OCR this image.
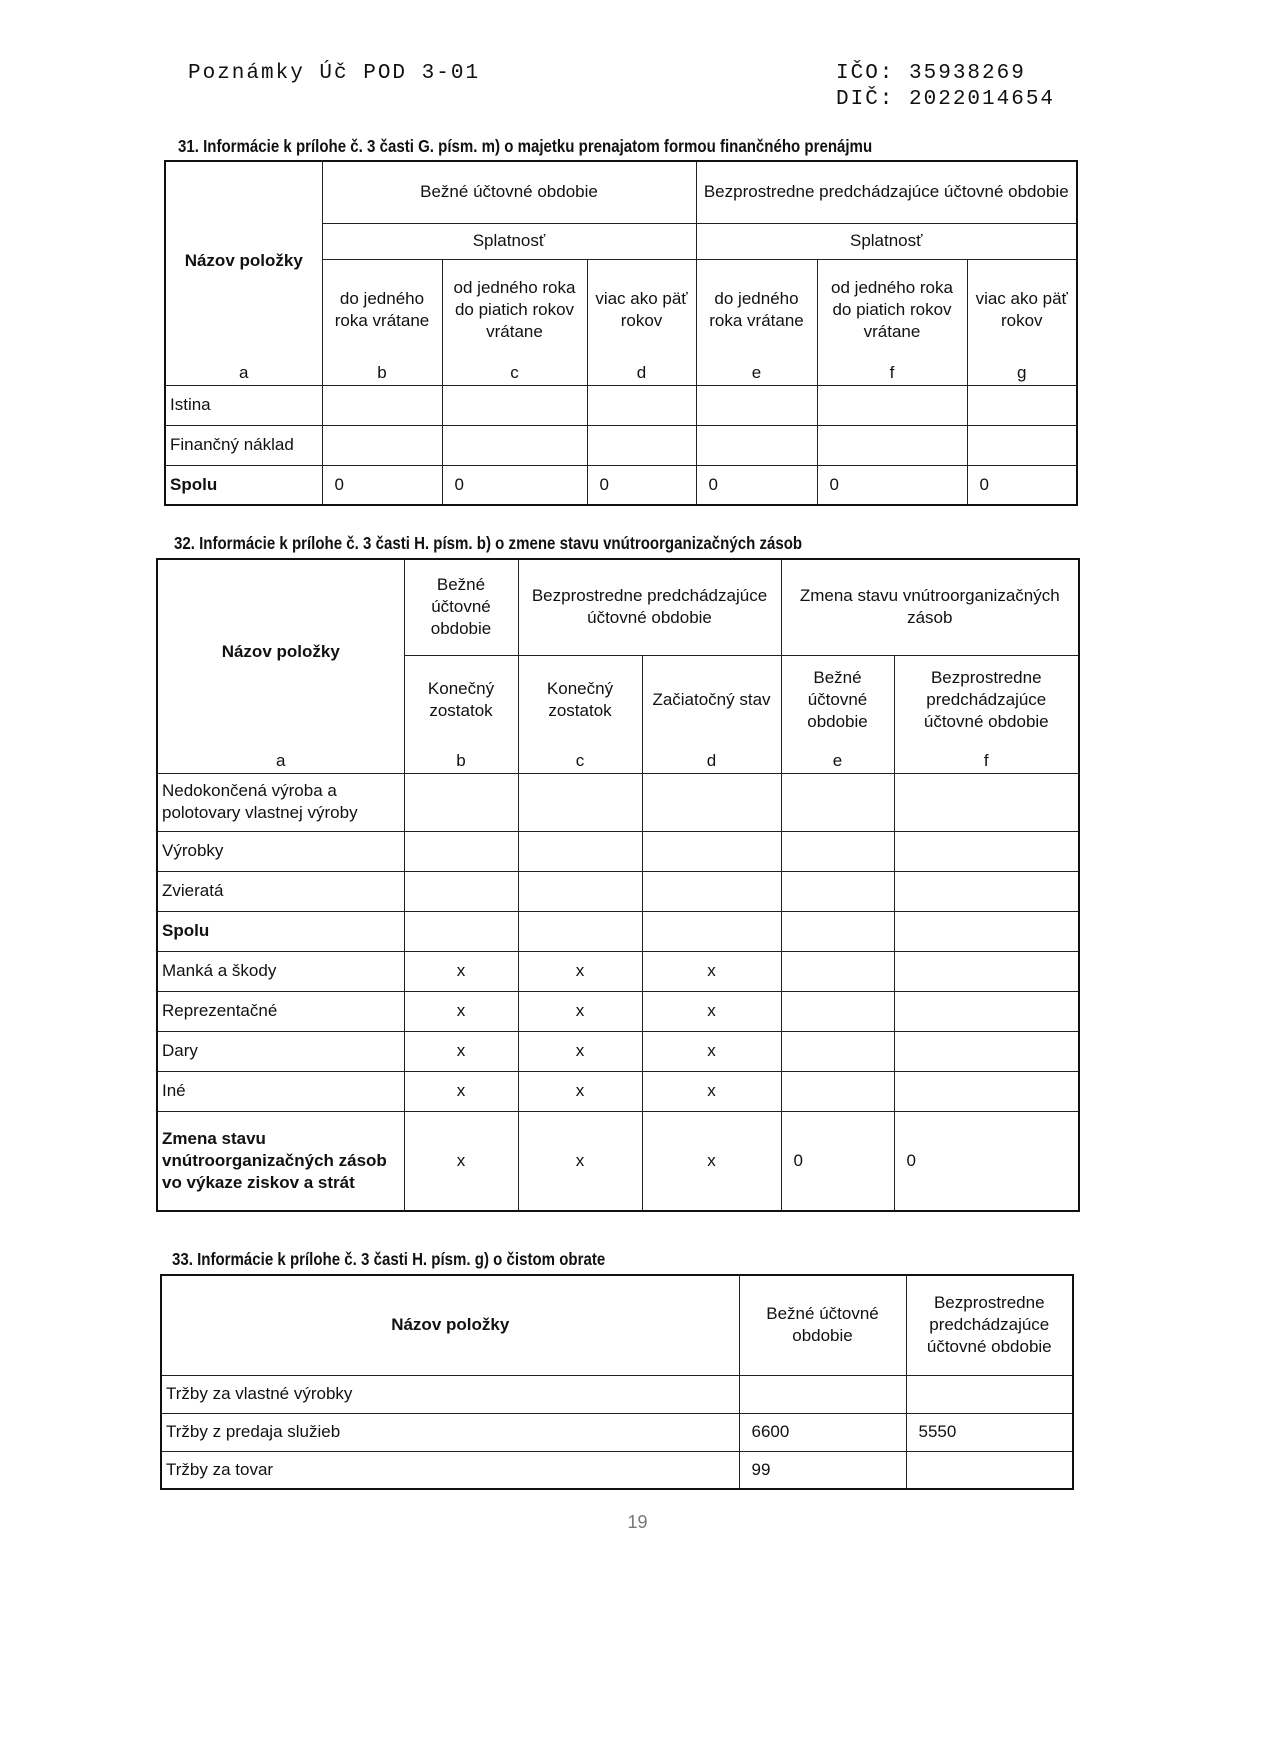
Poznámky Úč POD 3-01	IČO: 35938269
DIČ: 2022014654
31. Informácie k prílohe č. 3 časti G. písm. m) o majetku prenajatom formou finančného prenájmu
Názov položky	Bežné účtovné obdobie			Bezprostredne predchádzajúce účtovné obdobie		
	Splatnosť			Splatnosť		
	do jedného roka vrátane	od jedného roka do piatich rokov vrátane	viac ako päť rokov	do jedného roka vrátane	od jedného roka do piatich rokov vrátane	viac ako päť rokov
a	b	c	d	e	f	g
Istina						
Finančný náklad						
Spolu	0	0	0	0	0	0
32. Informácie k prílohe č. 3 časti H. písm. b) o zmene stavu vnútroorganizačných zásob
Názov položky	Bežné účtovné obdobie	Bezprostredne predchádzajúce účtovné obdobie		Zmena stavu vnútroorganizačných zásob	
	Konečný zostatok	Konečný zostatok	Začiatočný stav	Bežné účtovné obdobie	Bezprostredne predchádzajúce účtovné obdobie
a	b	c	d	e	f
Nedokončená výroba a polotovary vlastnej výroby					
Výrobky					
Zvieratá					
Spolu					
Manká a škody	x	x	x		
Reprezentačné	x	x	x		
Dary	x	x	x		
Iné	x	x	x		
Zmena stavu vnútroorganizačných zásob vo výkaze ziskov a strát	x	x	x	0	0
33. Informácie k prílohe č. 3 časti H. písm. g) o čistom obrate
Názov položky	Bežné účtovné obdobie	Bezprostredne predchádzajúce účtovné obdobie
Tržby za vlastné výrobky		
Tržby z predaja služieb	6600	5550
Tržby za tovar	99	
19
